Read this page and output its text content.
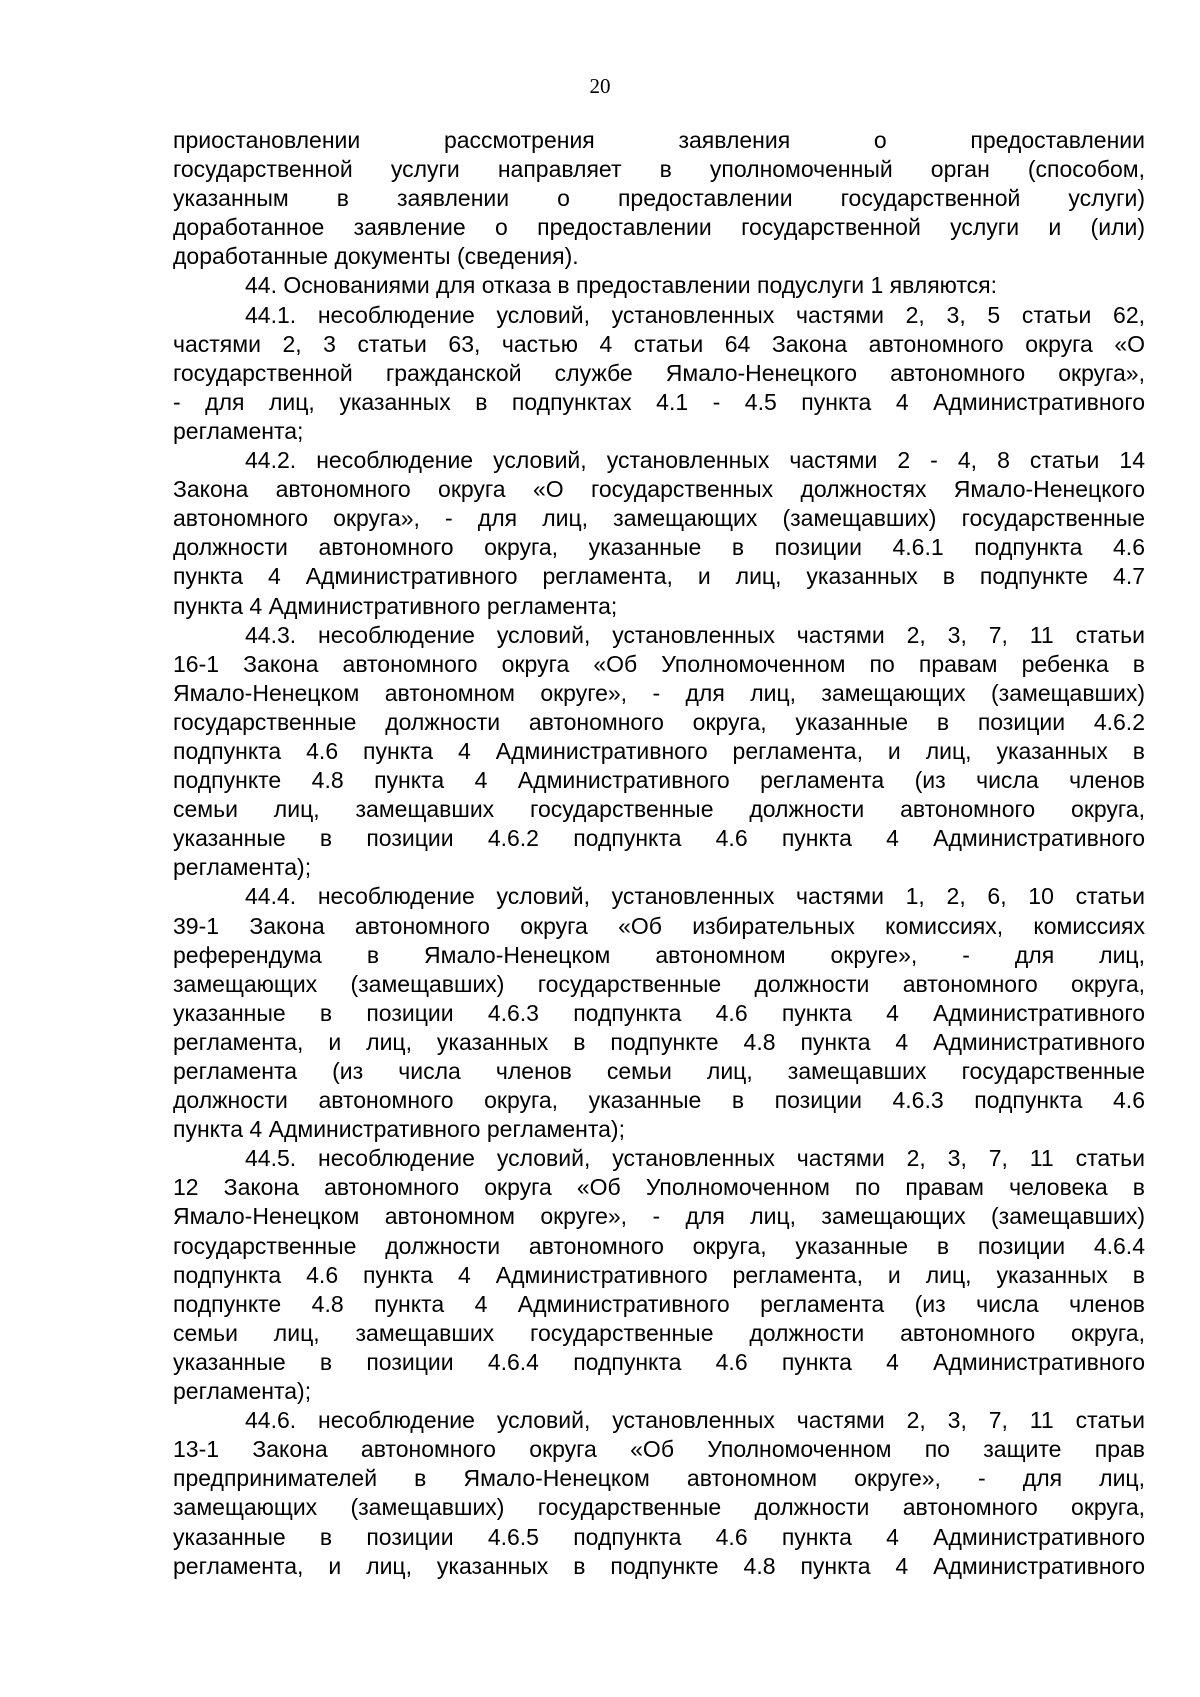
20
приостановлении рассмотрения заявления о предоставлении
государственной услуги направляет в уполномоченный орган (способом,
указанным в заявлении о предоставлении государственной услуги)
доработанное заявление о предоставлении государственной услуги и (или)
доработанные документы (сведения).
44. Основаниями для отказа в предоставлении подуслуги 1 являются:
44.1. несоблюдение условий, установленных частями 2, 3, 5 статьи 62,
частями 2, 3 статьи 63, частью 4 статьи 64 Закона автономного округа «О
государственной гражданской службе Ямало-Ненецкого автономного округа»,
- для лиц, указанных в подпунктах 4.1 - 4.5 пункта 4 Административного
регламента;
44.2. несоблюдение условий, установленных частями 2 - 4, 8 статьи 14
Закона автономного округа «О государственных должностях Ямало-Ненецкого
автономного округа», - для лиц, замещающих (замещавших) государственные
должности автономного округа, указанные в позиции 4.6.1 подпункта 4.6
пункта 4 Административного регламента, и лиц, указанных в подпункте 4.7
пункта 4 Административного регламента;
44.3. несоблюдение условий, установленных частями 2, 3, 7, 11 статьи
16-1 Закона автономного округа «Об Уполномоченном по правам ребенка в
Ямало-Ненецком автономном округе», - для лиц, замещающих (замещавших)
государственные должности автономного округа, указанные в позиции 4.6.2
подпункта 4.6 пункта 4 Административного регламента, и лиц, указанных в
подпункте 4.8 пункта 4 Административного регламента (из числа членов
семьи лиц, замещавших государственные должности автономного округа,
указанные в позиции 4.6.2 подпункта 4.6 пункта 4 Административного
регламента);
44.4. несоблюдение условий, установленных частями 1, 2, 6, 10 статьи
39-1 Закона автономного округа «Об избирательных комиссиях, комиссиях
референдума в Ямало-Ненецком автономном округе», - для лиц,
замещающих (замещавших) государственные должности автономного округа,
указанные в позиции 4.6.3 подпункта 4.6 пункта 4 Административного
регламента, и лиц, указанных в подпункте 4.8 пункта 4 Административного
регламента (из числа членов семьи лиц, замещавших государственные
должности автономного округа, указанные в позиции 4.6.3 подпункта 4.6
пункта 4 Административного регламента);
44.5. несоблюдение условий, установленных частями 2, 3, 7, 11 статьи
12 Закона автономного округа «Об Уполномоченном по правам человека в
Ямало-Ненецком автономном округе», - для лиц, замещающих (замещавших)
государственные должности автономного округа, указанные в позиции 4.6.4
подпункта 4.6 пункта 4 Административного регламента, и лиц, указанных в
подпункте 4.8 пункта 4 Административного регламента (из числа членов
семьи лиц, замещавших государственные должности автономного округа,
указанные в позиции 4.6.4 подпункта 4.6 пункта 4 Административного
регламента);
44.6. несоблюдение условий, установленных частями 2, 3, 7, 11 статьи
13-1 Закона автономного округа «Об Уполномоченном по защите прав
предпринимателей в Ямало-Ненецком автономном округе», - для лиц,
замещающих (замещавших) государственные должности автономного округа,
указанные в позиции 4.6.5 подпункта 4.6 пункта 4 Административного
регламента, и лиц, указанных в подпункте 4.8 пункта 4 Административного
